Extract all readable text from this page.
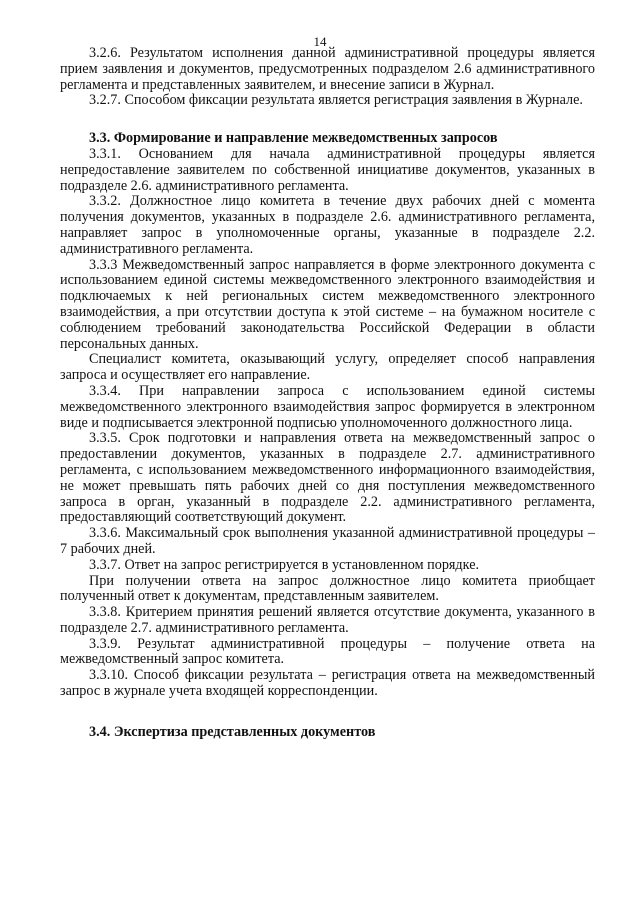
14

3.2.6. Результатом исполнения данной административной процедуры является прием заявления и документов, предусмотренных подразделом 2.6 административного регламента и представленных заявителем, и внесение записи в Журнал.

3.2.7. Способом фиксации результата является регистрация заявления в Журнале.

3.3. Формирование и направление межведомственных запросов

3.3.1. Основанием для начала административной процедуры является непредоставление заявителем по собственной инициативе документов, указанных в подразделе 2.6. административного регламента.

3.3.2. Должностное лицо комитета в течение двух рабочих дней с момента получения документов, указанных в подразделе 2.6. административного регламента, направляет запрос в уполномоченные органы, указанные в подразделе 2.2. административного регламента.

3.3.3 Межведомственный запрос направляется в форме электронного документа с использованием единой системы межведомственного электронного взаимодействия и подключаемых к ней региональных систем межведомственного электронного взаимодействия, а при отсутствии доступа к этой системе – на бумажном носителе с соблюдением требований законодательства Российской Федерации в области персональных данных.

Специалист комитета, оказывающий услугу, определяет способ направления запроса и осуществляет его направление.

3.3.4. При направлении запроса с использованием единой системы межведомственного электронного взаимодействия запрос формируется в электронном виде и подписывается электронной подписью уполномоченного должностного лица.

3.3.5. Срок подготовки и направления ответа на межведомственный запрос о предоставлении документов, указанных в подразделе 2.7. административного регламента, с использованием межведомственного информационного взаимодействия, не может превышать пять рабочих дней со дня поступления межведомственного запроса в орган, указанный в подразделе 2.2. административного регламента, предоставляющий соответствующий документ.

3.3.6. Максимальный срок выполнения указанной административной процедуры – 7 рабочих дней.

3.3.7. Ответ на запрос регистрируется в установленном порядке.

При получении ответа на запрос должностное лицо комитета приобщает полученный ответ к документам, представленным заявителем.

3.3.8. Критерием принятия решений является отсутствие документа, указанного в подразделе 2.7. административного регламента.

3.3.9. Результат административной процедуры – получение ответа на межведомственный запрос комитета.

3.3.10. Способ фиксации результата – регистрация ответа на межведомственный запрос в журнале учета входящей корреспонденции.

3.4. Экспертиза представленных документов
